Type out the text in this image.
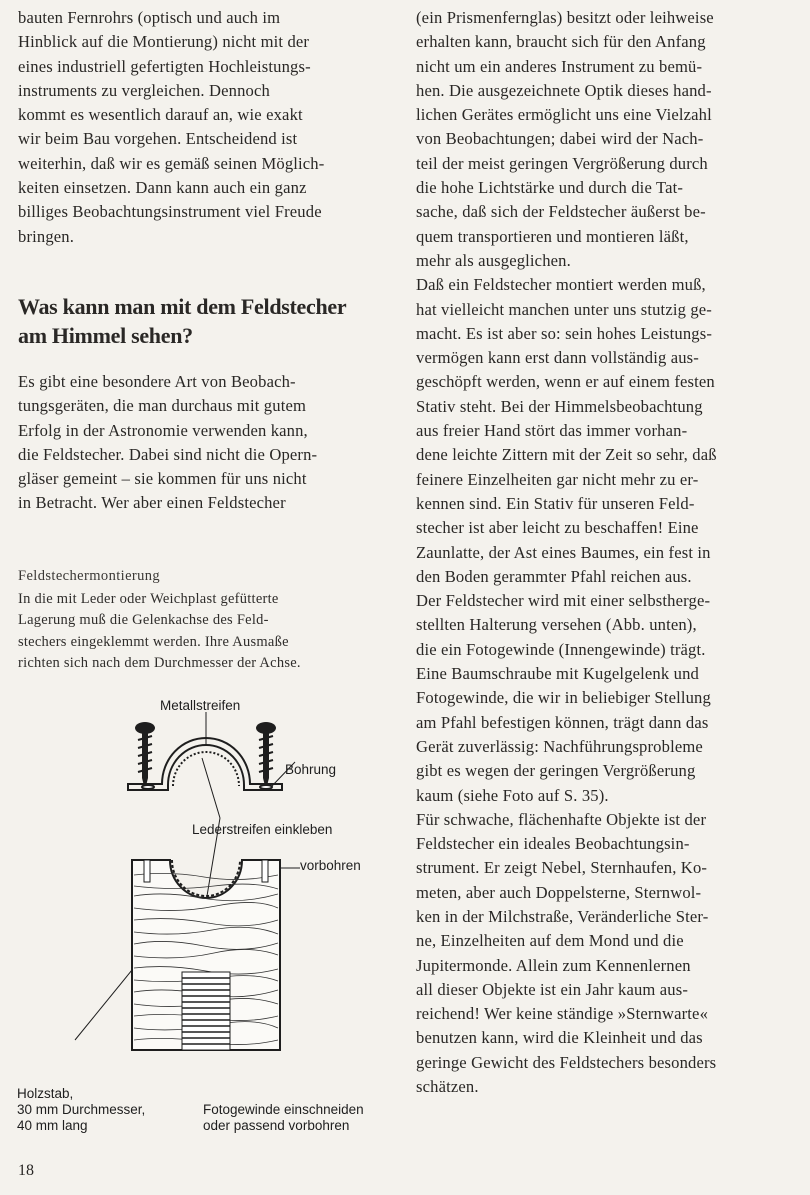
bauten Fernrohrs (optisch und auch im
Hinblick auf die Montierung) nicht mit der
eines industriell gefertigten Hochleistungs-
instruments zu vergleichen. Dennoch
kommt es wesentlich darauf an, wie exakt
wir beim Bau vorgehen. Entscheidend ist
weiterhin, daß wir es gemäß seinen Möglich-
keiten einsetzen. Dann kann auch ein ganz
billiges Beobachtungsinstrument viel Freude
bringen.
Was kann man mit dem Feldstecher
am Himmel sehen?
Es gibt eine besondere Art von Beobach-
tungsgeräten, die man durchaus mit gutem
Erfolg in der Astronomie verwenden kann,
die Feldstecher. Dabei sind nicht die Opern-
gläser gemeint – sie kommen für uns nicht
in Betracht. Wer aber einen Feldstecher
Feldstechermontierung
In die mit Leder oder Weichplast gefütterte
Lagerung muß die Gelenkachse des Feld-
stechers eingeklemmt werden. Ihre Ausmaße
richten sich nach dem Durchmesser der Achse.
Metallstreifen
Bohrung
Lederstreifen einkleben
vorbohren
Holzstab,
30 mm Durchmesser,
40 mm lang
Fotogewinde einschneiden
oder passend vorbohren
(ein Prismenfernglas) besitzt oder leihweise
erhalten kann, braucht sich für den Anfang
nicht um ein anderes Instrument zu bemü-
hen. Die ausgezeichnete Optik dieses hand-
lichen Gerätes ermöglicht uns eine Vielzahl
von Beobachtungen; dabei wird der Nach-
teil der meist geringen Vergrößerung durch
die hohe Lichtstärke und durch die Tat-
sache, daß sich der Feldstecher äußerst be-
quem transportieren und montieren läßt,
mehr als ausgeglichen.
Daß ein Feldstecher montiert werden muß,
hat vielleicht manchen unter uns stutzig ge-
macht. Es ist aber so: sein hohes Leistungs-
vermögen kann erst dann vollständig aus-
geschöpft werden, wenn er auf einem festen
Stativ steht. Bei der Himmelsbeobachtung
aus freier Hand stört das immer vorhan-
dene leichte Zittern mit der Zeit so sehr, daß
feinere Einzelheiten gar nicht mehr zu er-
kennen sind. Ein Stativ für unseren Feld-
stecher ist aber leicht zu beschaffen! Eine
Zaunlatte, der Ast eines Baumes, ein fest in
den Boden gerammter Pfahl reichen aus.
Der Feldstecher wird mit einer selbstherge-
stellten Halterung versehen (Abb. unten),
die ein Fotogewinde (Innengewinde) trägt.
Eine Baumschraube mit Kugelgelenk und
Fotogewinde, die wir in beliebiger Stellung
am Pfahl befestigen können, trägt dann das
Gerät zuverlässig: Nachführungsprobleme
gibt es wegen der geringen Vergrößerung
kaum (siehe Foto auf S. 35).
Für schwache, flächenhafte Objekte ist der
Feldstecher ein ideales Beobachtungsin-
strument. Er zeigt Nebel, Sternhaufen, Ko-
meten, aber auch Doppelsterne, Sternwol-
ken in der Milchstraße, Veränderliche Ster-
ne, Einzelheiten auf dem Mond und die
Jupitermonde. Allein zum Kennenlernen
all dieser Objekte ist ein Jahr kaum aus-
reichend! Wer keine ständige »Sternwarte«
benutzen kann, wird die Kleinheit und das
geringe Gewicht des Feldstechers besonders
schätzen.
18
